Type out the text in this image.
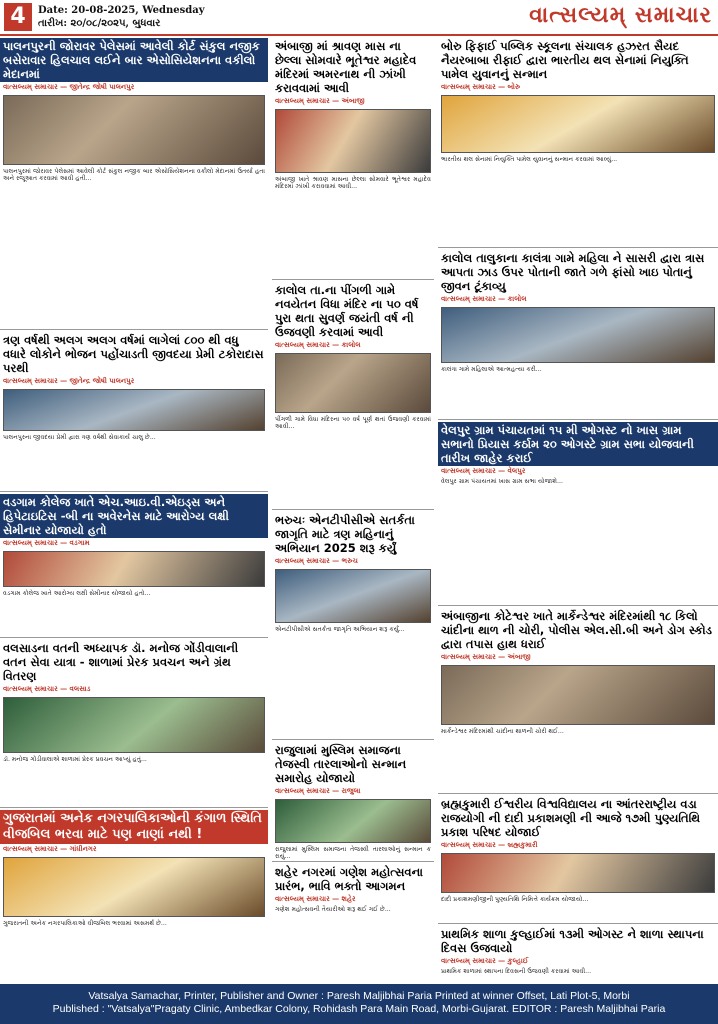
4	Date: 20-08-2025, Wednesday
તારીખ: ૨૦/૦૮/૨૦૨૫, બુધવાર	વાત્સલ્યમ્ સમાચાર
પાલનપુરની જોરાવર પેલેસમાં આવેલી કોર્ટ સંકુલ નજીક બસેરાવાર હિલચાલ લઈને બાર એસોસિયેશનના વકીલો મેદાનમાં
વાત્સલ્યમ્ સમાચાર — જીતેન્દ્ર જોષી પાલનપુર
પાલનપુરમાં જોરાવર પેલેસમાં આવેલી કોર્ટ સંકુલ નજીક બાર એસોસિયેશનના વકીલો મેદાનમાં ઉતર્યા હતા અને રજૂઆત કરવામાં આવી હતી...
ત્રણ વર્ષથી અલગ અલગ વર્ષમાં લાગેલાં ૮૦૦ થી વધુ વધારે લોકોને ભોજન પહોંચાડતી જીવદયા પ્રેમી ટકોરાદાસ પરથી
વાત્સલ્યમ્ સમાચાર — જીતેન્દ્ર જોષી પાલનપુર
પાલનપુરના જીવદયા પ્રેમી દ્વારા ત્રણ વર્ષથી સેવાકાર્ય ચાલુ છે...
વડગામ કોલેજ ખાતે એચ.આઇ.વી.એઇડ્સ અને હિપેટાઇટિસ -બી ના અવેરનેસ માટે આરોગ્ય લક્ષી સેમીનાર યોજાયો હતો
વાત્સલ્યમ્ સમાચાર — વડગામ
વડગામ કોલેજ ખાતે આરોગ્ય લક્ષી સેમીનાર યોજાયો હતો...
વલસાડના વતની અધ્યાપક ડૉ. મનોજ ગોંડીવાલાની વતન સેવા યાત્રા - શાળામાં પ્રેરક પ્રવચન અને ગ્રંથ વિતરણ
વાત્સલ્યમ્ સમાચાર — વલસાડ
ડૉ. મનોજ ગોંડીવાલાએ શાળામાં પ્રેરક પ્રવચન આપ્યું હતું...
ગુજરાતમાં અનેક નગરપાલિકાઓની કંગાળ સ્થિતિ વીજબિલ ભરવા માટે પણ નાણાં નથી !
વાત્સલ્યમ્ સમાચાર — ગાંધીનગર
ગુજરાતની અનેક નગરપાલિકાઓ વીજબિલ ભરવામાં અસમર્થ છે...
અંબાજી માં શ્રાવણ માસ ના છેલ્લા સોમવારે ભૂતેશ્વર મહાદેવ મંદિરમાં અમરનાથ ની ઝાંખી કરાવવામાં આવી
વાત્સલ્યમ્ સમાચાર — અંબાજી
અંબાજી ખાતે શ્રાવણ માસના છેલ્લા સોમવારે ભૂતેશ્વર મહાદેવ મંદિરમાં ઝાંખી કરાવવામાં આવી...
કાલોલ તા.ના પીંગળી ગામે નવયેતન વિધા મંદિર ના ૫૦ વર્ષ પુરા થતા સુવર્ણ જયંતી વર્ષ ની ઉજવણી કરવામાં આવી
વાત્સલ્યમ્ સમાચાર — કાલોલ
પીંગળી ગામે વિધા મંદિરના ૫૦ વર્ષ પૂર્ણ થતાં ઉજવણી કરવામાં આવી...
ભરુચઃ એનટીપીસીએ સતર્કતા જાગૃતિ માટે ત્રણ મહિનાનું અભિયાન 2025 શરૂ કર્યું
વાત્સલ્યમ્ સમાચાર — ભરુચ
એનટીપીસીએ સતર્કતા જાગૃતિ અભિયાન શરૂ કર્યું...
રાજુલામાં મુસ્લિમ સમાજના તેજસ્વી તારલાઓનો સન્માન સમારોહ યોજાયો
વાત્સલ્યમ્ સમાચાર — રાજુલા
રાજુલામાં મુસ્લિમ સમાજના તેજસ્વી તારલાઓનું સન્માન કરાયું...
શહેર નગરમાં ગણેશ મહોત્સવના પ્રારંભ, ભાવિ ભક્તો આગમન
વાત્સલ્યમ્ સમાચાર — શહેર
ગણેશ મહોત્સવની તૈયારીઓ શરૂ થઈ ગઈ છે...
બોરુ ફિફાઈ પબ્લિક સ્કૂલના સંચાલક હઝરત સૈયદ નૈયરબાબા રીફાઈ દ્વારા ભારતીય થલ સેનામાં નિયુક્તિ પામેલ યુવાનનું સન્માન
વાત્સલ્યમ્ સમાચાર — બોરુ
ભારતીય થલ સેનામાં નિયુક્તિ પામેલ યુવાનનું સન્માન કરવામાં આવ્યું...
કાલોલ તાલુકાના કાલંત્રા ગામે મહિલા ને સાસરી દ્વારા ત્રાસ આપતા ઝાડ ઉપર પોતાની જાતે ગળે ફાંસો ખાઇ પોતાનું જીવન ટૂંકાવ્યુ
વાત્સલ્યમ્ સમાચાર — કાલોલ
કાલંત્રા ગામે મહિલાએ આત્મહત્યા કરી...
વેલપુર ગ્રામ પંચાયતમાં ૧૫ મી ઓગસ્ટ નો ખાસ ગ્રામ સભાનો પ્રિયાસ કર્ઠામ ૨૦ ઓગસ્ટે ગ્રામ સભા યોજવાની તારીખ જાહેર કરાઈ
વાત્સલ્યમ્ સમાચાર — વેલપુર
વેલપુર ગ્રામ પંચાયતમાં ખાસ ગ્રામ સભા યોજાશે...
અંબાજીના કોટેશ્વર ખાતે માર્કેન્ડેશ્વર મંદિરમાંથી ૧૮ કિલો ચાંદીના થાળ ની ચોરી, પોલીસ એલ.સી.બી અને ડોગ સ્કોડ દ્વારા તપાસ હાથ ધરાઈ
વાત્સલ્યમ્ સમાચાર — અંબાજી
માર્કેન્ડેશ્વર મંદિરમાંથી ચાંદીના થાળની ચોરી થઈ...
બ્રહ્મકુમારી ઈશ્વરીય વિશ્વવિદ્યાલય ના આંતરરાષ્ટ્રીય વડા રાજયોગી ની દાદી પ્રકાશમણી ની આજે ૧૭મી પુણ્યતિથિ પ્રકાશ પરિષદ યોજાઈ
વાત્સલ્યમ્ સમાચાર — બ્રહ્મકુમારી
દાદી પ્રકાશમણીજીની પુણ્યતિથિ નિમિત્તે કાર્યક્રમ યોજાયો...
પ્રાથમિક શાળા કુલ્હાઈમાં ૧૩મી ઓગસ્ટ ને શાળા સ્થાપના દિવસ ઉજવાયો
વાત્સલ્યમ્ સમાચાર — કુલ્હાઈ
પ્રાથમિક શાળામાં સ્થાપના દિવસની ઉજવણી કરવામાં આવી...
Vatsalya Samachar, Printer, Publisher and Owner : Paresh Maljibhai Paria Printed at winner Offset, Lati Plot-5, Morbi
Published : "Vatsalya"Pragaty Clinic, Ambedkar Colony, Rohidash Para Main Road, Morbi-Gujarat. EDITOR : Paresh Maljibhai Paria
